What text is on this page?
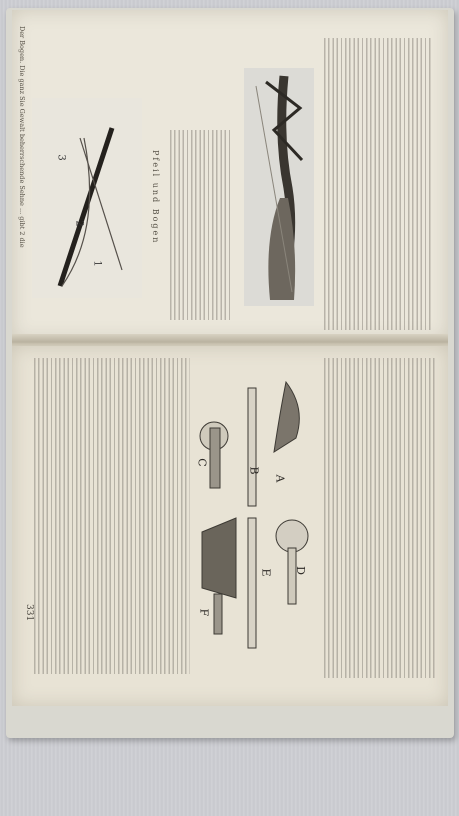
Pfeil und Bogen
1
2
3
Der Bogen. Die ganz Sie Gewalt beherrschende Sehne ... gibt 2 die
A
B
C
D
E
F
331
